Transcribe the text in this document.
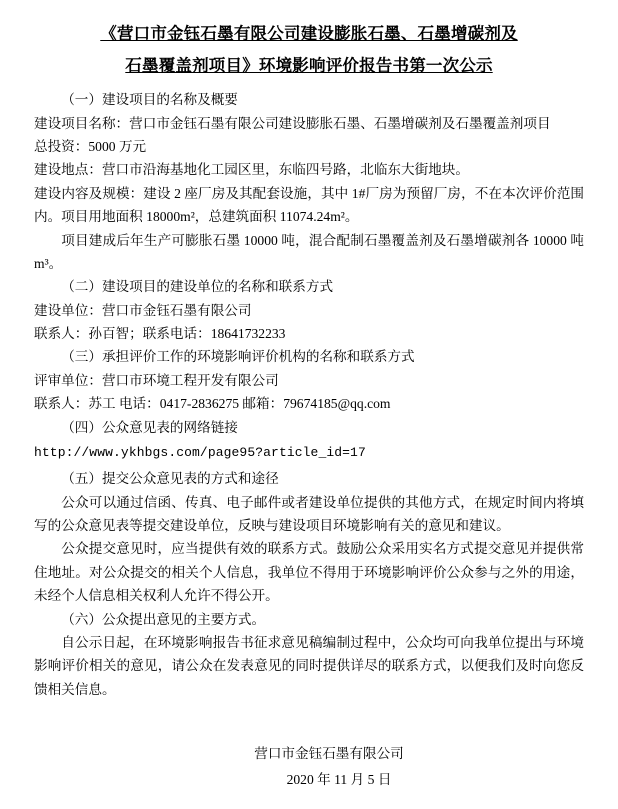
《营口市金钰石墨有限公司建设膨胀石墨、石墨增碳剂及
石墨覆盖剂项目》环境影响评价报告书第一次公示

（一）建设项目的名称及概要

建设项目名称：营口市金钰石墨有限公司建设膨胀石墨、石墨增碳剂及石墨覆盖剂项目

总投资：5000 万元

建设地点：营口市沿海基地化工园区里，东临四号路，北临东大街地块。

建设内容及规模：建设 2 座厂房及其配套设施，其中 1#厂房为预留厂房，不在本次评价范围内。项目用地面积 18000m²，总建筑面积 11074.24m²。

项目建成后年生产可膨胀石墨 10000 吨，混合配制石墨覆盖剂及石墨增碳剂各 10000 吨 m³。

（二）建设项目的建设单位的名称和联系方式

建设单位：营口市金钰石墨有限公司

联系人：孙百智；联系电话：18641732233

（三）承担评价工作的环境影响评价机构的名称和联系方式

评审单位：营口市环境工程开发有限公司

联系人：苏工 电话：0417-2836275 邮箱：79674185@qq.com

（四）公众意见表的网络链接

http://www.ykhbgs.com/page95?article_id=17

（五）提交公众意见表的方式和途径

公众可以通过信函、传真、电子邮件或者建设单位提供的其他方式，在规定时间内将填写的公众意见表等提交建设单位，反映与建设项目环境影响有关的意见和建议。

公众提交意见时，应当提供有效的联系方式。鼓励公众采用实名方式提交意见并提供常住地址。对公众提交的相关个人信息，我单位不得用于环境影响评价公众参与之外的用途，未经个人信息相关权利人允许不得公开。

（六）公众提出意见的主要方式。

自公示日起，在环境影响报告书征求意见稿编制过程中，公众均可向我单位提出与环境影响评价相关的意见，请公众在发表意见的同时提供详尽的联系方式，以便我们及时向您反馈相关信息。

营口市金钰石墨有限公司
2020 年 11 月 5 日
